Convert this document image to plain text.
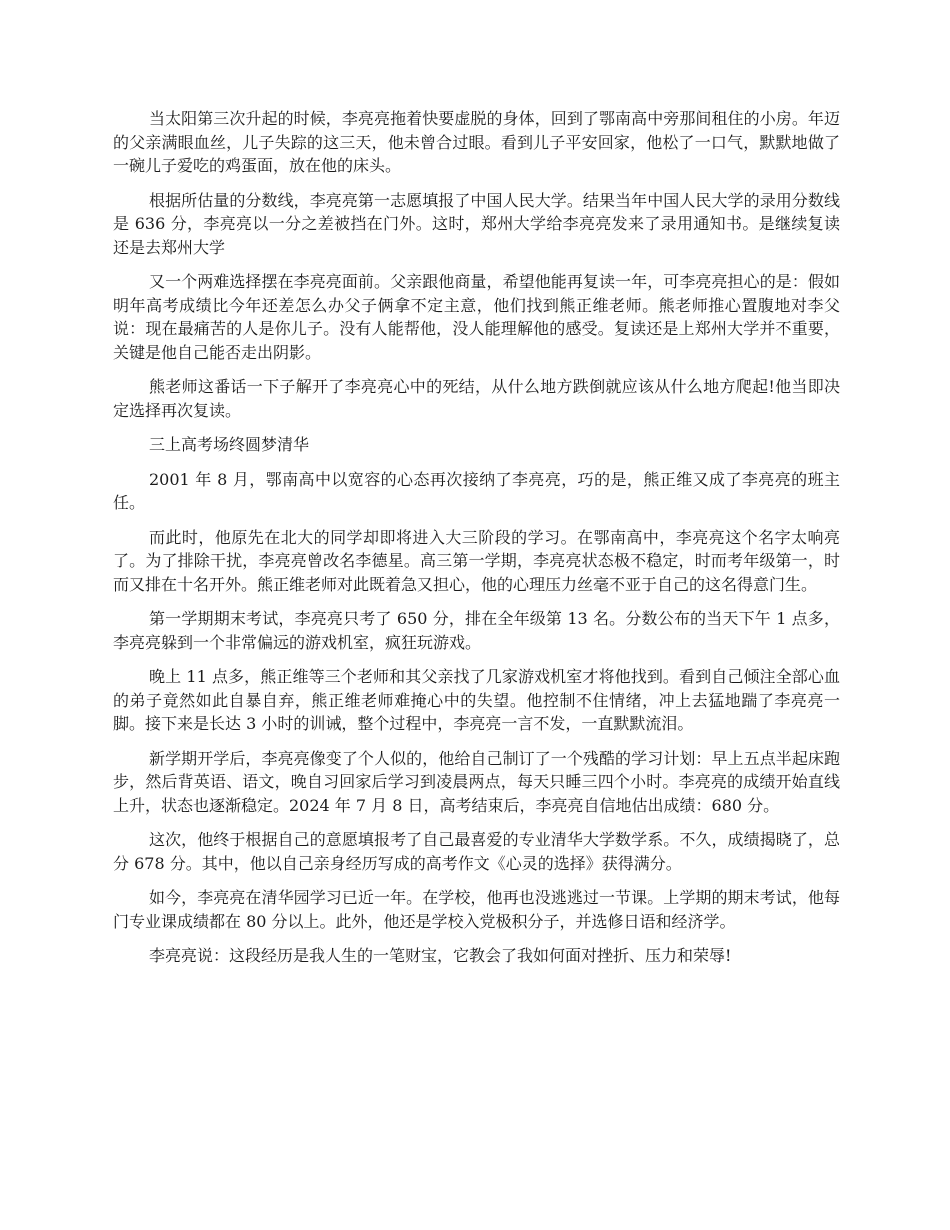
当太阳第三次升起的时候，李亮亮拖着快要虚脱的身体，回到了鄂南高中旁那间租住的小房。年迈的父亲满眼血丝，儿子失踪的这三天，他未曾合过眼。看到儿子平安回家，他松了一口气，默默地做了一碗儿子爱吃的鸡蛋面，放在他的床头。

根据所估量的分数线，李亮亮第一志愿填报了中国人民大学。结果当年中国人民大学的录用分数线是 636 分，李亮亮以一分之差被挡在门外。这时，郑州大学给李亮亮发来了录用通知书。是继续复读还是去郑州大学

又一个两难选择摆在李亮亮面前。父亲跟他商量，希望他能再复读一年，可李亮亮担心的是：假如明年高考成绩比今年还差怎么办父子俩拿不定主意，他们找到熊正维老师。熊老师推心置腹地对李父说：现在最痛苦的人是你儿子。没有人能帮他，没人能理解他的感受。复读还是上郑州大学并不重要，关键是他自己能否走出阴影。

熊老师这番话一下子解开了李亮亮心中的死结，从什么地方跌倒就应该从什么地方爬起!他当即决定选择再次复读。

三上高考场终圆梦清华

2001 年 8 月，鄂南高中以宽容的心态再次接纳了李亮亮，巧的是，熊正维又成了李亮亮的班主任。

而此时，他原先在北大的同学却即将进入大三阶段的学习。在鄂南高中，李亮亮这个名字太响亮了。为了排除干扰，李亮亮曾改名李德星。高三第一学期，李亮亮状态极不稳定，时而考年级第一，时而又排在十名开外。熊正维老师对此既着急又担心，他的心理压力丝毫不亚于自己的这名得意门生。

第一学期期末考试，李亮亮只考了 650 分，排在全年级第 13 名。分数公布的当天下午 1 点多，李亮亮躲到一个非常偏远的游戏机室，疯狂玩游戏。

晚上 11 点多，熊正维等三个老师和其父亲找了几家游戏机室才将他找到。看到自己倾注全部心血的弟子竟然如此自暴自弃，熊正维老师难掩心中的失望。他控制不住情绪，冲上去猛地踹了李亮亮一脚。接下来是长达 3 小时的训诫，整个过程中，李亮亮一言不发，一直默默流泪。

新学期开学后，李亮亮像变了个人似的，他给自己制订了一个残酷的学习计划：早上五点半起床跑步，然后背英语、语文，晚自习回家后学习到凌晨两点，每天只睡三四个小时。李亮亮的成绩开始直线上升，状态也逐渐稳定。2024 年 7 月 8 日，高考结束后，李亮亮自信地估出成绩：680 分。

这次，他终于根据自己的意愿填报考了自己最喜爱的专业清华大学数学系。不久，成绩揭晓了，总分 678 分。其中，他以自己亲身经历写成的高考作文《心灵的选择》获得满分。

如今，李亮亮在清华园学习已近一年。在学校，他再也没逃逃过一节课。上学期的期末考试，他每门专业课成绩都在 80 分以上。此外，他还是学校入党极积分子，并选修日语和经济学。

李亮亮说：这段经历是我人生的一笔财宝，它教会了我如何面对挫折、压力和荣辱!
